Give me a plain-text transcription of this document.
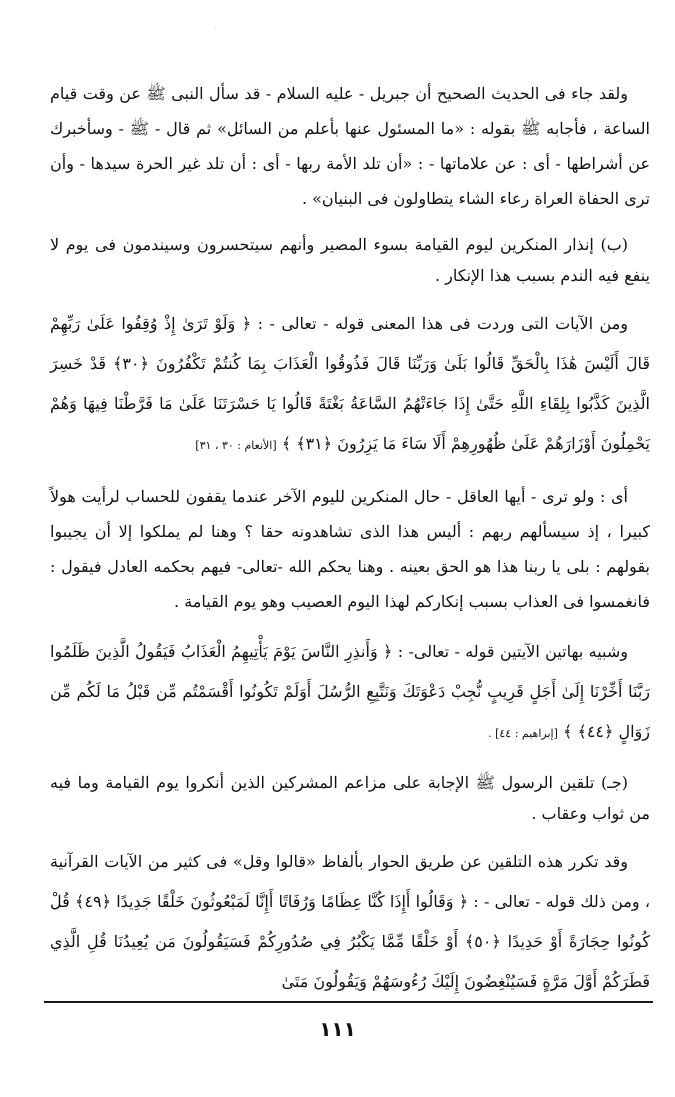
ʻ

ولقد جاء فى الحديث الصحيح أن جبريل - عليه السلام - قد سأل النبى ﷺ عن وقت قيام الساعة ، فأجابه ﷺ بقوله : «ما المسئول عنها بأعلم من السائل» ثم قال - ﷺ - وسأخبرك عن أشراطها - أى : عن علاماتها - : «أن تلد الأمة ربها - أى : أن تلد غير الحرة سيدها - وأن ترى الحفاة العراة رعاء الشاء يتطاولون فى البنيان» .

(ب) إنذار المنكرين ليوم القيامة بسوء المصير وأنهم سيتحسرون وسيندمون فى يوم لا ينفع فيه الندم بسبب هذا الإنكار .

ومن الآيات التى وردت فى هذا المعنى قوله - تعالى - : ﴿ وَلَوْ تَرَىٰ إِذْ وُقِفُوا عَلَىٰ رَبِّهِمْ قَالَ أَلَيْسَ هَٰذَا بِالْحَقِّ قَالُوا بَلَىٰ وَرَبِّنَا قَالَ فَذُوقُوا الْعَذَابَ بِمَا كُنتُمْ تَكْفُرُونَ ﴿٣٠﴾ قَدْ خَسِرَ الَّذِينَ كَذَّبُوا بِلِقَاءِ اللَّهِ حَتَّىٰ إِذَا جَاءَتْهُمُ السَّاعَةُ بَغْتَةً قَالُوا يَا حَسْرَتَنَا عَلَىٰ مَا فَرَّطْنَا فِيهَا وَهُمْ يَحْمِلُونَ أَوْزَارَهُمْ عَلَىٰ ظُهُورِهِمْ أَلَا سَاءَ مَا يَزِرُونَ ﴿٣١﴾ ﴾ [الأنعام : ٣٠ ، ٣١]

أى : ولو ترى - أيها العاقل - حال المنكرين لليوم الآخر عندما يقفون للحساب لرأيت هولاً كبيرا ، إذ سيسألهم ربهم : أليس هذا الذى تشاهدونه حقا ؟ وهنا لم يملكوا إلا أن يجيبوا بقولهم : بلى يا ربنا هذا هو الحق بعينه . وهنا يحكم الله -تعالى- فيهم بحكمه العادل فيقول : فانغمسوا فى العذاب بسبب إنكاركم لهذا اليوم العصيب وهو يوم القيامة .

وشبيه بهاتين الآيتين قوله - تعالى- : ﴿ وَأَنذِرِ النَّاسَ يَوْمَ يَأْتِيهِمُ الْعَذَابُ فَيَقُولُ الَّذِينَ ظَلَمُوا رَبَّنَا أَخِّرْنَا إِلَىٰ أَجَلٍ قَرِيبٍ نُّجِبْ دَعْوَتَكَ وَنَتَّبِعِ الرُّسُلَ أَوَلَمْ تَكُونُوا أَقْسَمْتُم مِّن قَبْلُ مَا لَكُم مِّن زَوَالٍ ﴿٤٤﴾ ﴾ [إبراهيم : ٤٤] .

(جـ) تلقين الرسول ﷺ الإجابة على مزاعم المشركين الذين أنكروا يوم القيامة وما فيه من ثواب وعقاب .

وقد تكرر هذه التلقين عن طريق الحوار بألفاظ «قالوا وقل» فى كثير من الآيات القرآنية ، ومن ذلك قوله - تعالى - : ﴿ وَقَالُوا أَإِذَا كُنَّا عِظَامًا وَرُفَاتًا أَإِنَّا لَمَبْعُوثُونَ خَلْقًا جَدِيدًا ﴿٤٩﴾ قُلْ كُونُوا حِجَارَةً أَوْ حَدِيدًا ﴿٥٠﴾ أَوْ خَلْقًا مِّمَّا يَكْبُرُ فِي صُدُورِكُمْ فَسَيَقُولُونَ مَن يُعِيدُنَا قُلِ الَّذِي فَطَرَكُمْ أَوَّلَ مَرَّةٍ فَسَيُنْغِضُونَ إِلَيْكَ رُءُوسَهُمْ وَيَقُولُونَ مَتَىٰ

١١١
